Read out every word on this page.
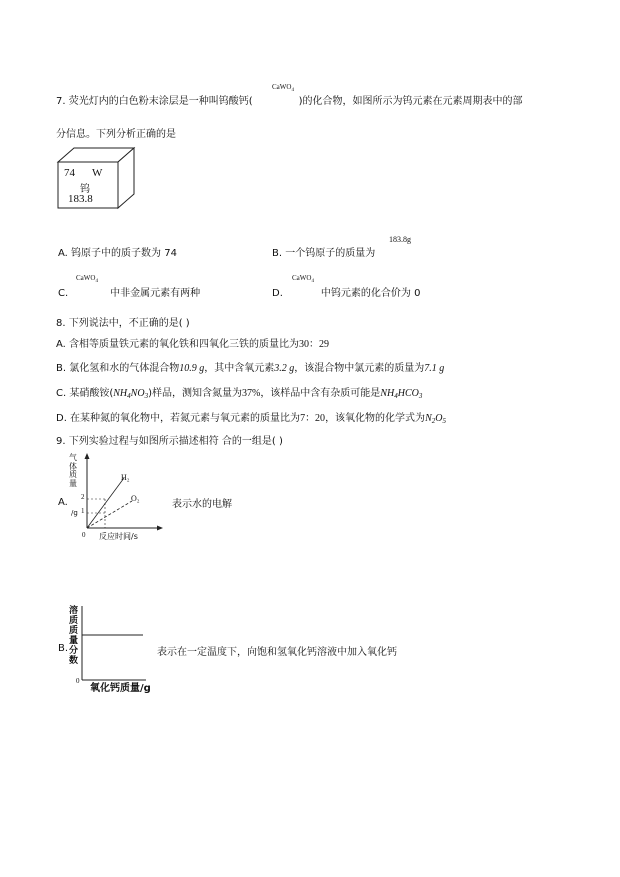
7. 荧光灯内的白色粉末涂层是一种叫钨酸钙(	)的化合物，如图所示为钨元素在元素周期表中的部
CaWO$_4$
分信息。下列分析正确的是
74 W
钨
183.8
A. 钨原子中的质子数为 74	B. 一个钨原子的质量为
183.8g
C.	中非金属元素有两种
CaWO$_4$
D.	中钨元素的化合价为 0
CaWO$_4$
8. 下列说法中，不正确的是( )
A. 含相等质量铁元素的氧化铁和四氧化三铁的质量比为30：29
B. 氯化氢和水的气体混合物10.9 g，其中含氧元素3.2 g，该混合物中氯元素的质量为7.1 g
C. 某硝酸铵$(NH_4NO_3)$样品，测知含氮量为37%，该样品中含有杂质可能是$NH_4HCO_3$
D. 在某种氮的氧化物中，若氮元素与氧元素的质量比为7：20，该氧化物的化学式为$N_2O_5$
9. 下列实验过程与如图所示描述相符 合的一组是( )
A.	表示水的电解
气
体
质
量
/g
2
1
0 反应时间/s
H₂
O₂
溶
质
质
量
分
数
0
氧化钙质量/g
B.	表示在一定温度下，向饱和氢氧化钙溶液中加入氧化钙
